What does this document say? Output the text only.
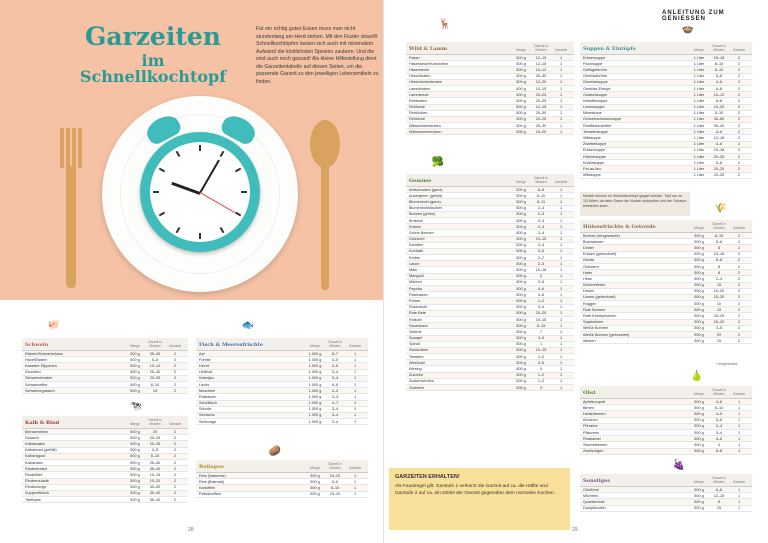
Garzeiten
im Schnellkochtopf
Für ein richtig gutes Essen muss man nicht stundenlang am Herd stehen. Mit den Fissler vitavit® Schnellkochtöpfen lassen sich auch mit minimalem Aufwand die köstlichsten Speisen zaubern. Und die sind auch noch gesund! Als kleine Hilfestellung dient die Garzeitentabelle auf diesen Seiten, um die passende Garzeit zu den jeweiligen Lebensmitteln zu finden.
🐖
Schwein	Menge
Garzeit in Minuten	Garstufe
Eisbein/Schweinshaxe	500 g	35–40	2
Haxe/Eisbein	500 g	5–6	2
Kasseler Rippchen	500 g	10–12	2
Schinken	500 g	25–30	2
Schweinebraten	500 g	20–25	2
Schweinefilet	500 g	8–10	2
Schweinegulasch	500 g	15	2
🐄
Kalb & Rind	Menge
Garzeit in Minuten	Garstufe
Beinscheiben	500 g	20	2
Gulasch	500 g	20–25	2
Kalbsbraten	500 g	20–25	2
Kalbsbrust (gefüllt)	500 g	2–5	2
Kalbsragout	500 g	8–10	2
Kalbshaxe	500 g	25–30	2
Rinderbraten	500 g	35–40	2
Rinderfilet	500 g	10–15	2
Rinderroulade	500 g	15–20	2
Rinderzunge	500 g	40–50	2
Suppenfleisch	500 g	30–40	2
Tafelspitz	500 g	35–40	2
🐟
Fisch & Meeresfrüchte	Menge
Garzeit in Minuten	Garstufe
Aal	1.000 g	6–7	1
Forelle	1.000 g	3–5	1
Hecht	1.000 g	3–5	1
Heilbutt	1.000 g	3–4	1
Kabeljau	1.000 g	3–4	1
Lachs	1.000 g	6–8	1
Muscheln	1.000 g	2–3	1
Rotbarsch	1.000 g	3–4	1
Schellfisch	1.000 g	4–7	1
Scholle	1.000 g	3–4	1
Seelachs	1.000 g	3–4	1
Seezunge	1.000 g	3–4	1
🥔
Beilagen	Menge
Garzeit in Minuten	Garstufe
Reis (Naturreis)	500 g	15–20	1
Reis (Basmati)	500 g	5–6	1
Kartoffeln	500 g	8–10	1
Pellkartoffeln	500 g	15–20	1
28
🦌
Wild & Lamm	Menge
Garzeit in Minuten	Garstufe
Fasan	500 g	12–15	1
Hasenkeule/Kaninchen	500 g	12–15	1
Hasenkeule	500 g	10–12	1
Hirschbraten	500 g	25–30	1
Hirschrückenbraten	500 g	12–20	1
Lammbraten	500 g	10–15	1
Lammkeule	500 g	20–25	1
Rehbraten	500 g	20–25	1
Rehkeule	500 g	12–15	1
Rehrücken	500 g	20–30	1
Rehkeule	500 g	20–25	1
Wildschweinbraten	500 g	25–30	1
Wildschweinrücken	500 g	15–20	1
🥦
Gemüse	Menge
Garzeit in Minuten	Garstufe
Artischocken (ganz)	500 g	6–8	1
Auberginen (gefüllt)	500 g	8–10	1
Blumenkohl (ganz)	500 g	8–11	1
Blumenkohlröschen	500 g	2–4	1
Bohnen (grüne)	500 g	2–3	1
Brokkoli	500 g	3–4	1
Erbsen	500 g	2–3	1
Grüne Bohnen	500 g	3–4	1
Grünkohl	500 g	10–15	1
Karotten	500 g	3–4	1
Kohlrabi	500 g	3–5	1
Kürbis	500 g	2–7	1
Lauch	500 g	2–3	1
Mais	500 g	10–18	1
Mangold	500 g	2	1
Möhren	500 g	3–5	1
Paprika	500 g	4–6	1
Pastinaken	500 g	3–5	1
Porree	500 g	1–2	1
Rosenkohl	500 g	3–4	1
Rote Bete	500 g	20–25	1
Rotkohl	500 g	10–15	1
Sauerkraut	500 g	8–15	1
Sellerie	500 g	7	1
Spargel	500 g	3–5	1
Spinat	500 g	1	1
Steckrüben	500 g	10–15	1
Tomaten	500 g	1–2	1
Weißkohl	500 g	3–5	1
Wirsing	500 g	3	1
Zucchini	500 g	1–2	1
Zuckerschoten	500 g	1–2	1
Zwiebeln	500 g	3	1
🍲
Suppen & Eintöpfe	Menge
Garzeit in Minuten	Garstufe
Erbsensuppe	1 Liter	15–18	2
Fischsuppe	1 Liter	8–10	2
Geflügelbrühe	1 Liter	8–10	2
Gemüsebrühe	1 Liter	5–8	2
Gemüsesuppe	1 Liter	4–6	2
Gemüse-Eintopf	1 Liter	6–8	2
Gulaschsuppe	1 Liter	10–12	2
Kartoffelsuppe	1 Liter	6–8	2
Linsensuppe	1 Liter	10–20	2
Minestrone	1 Liter	5–10	2
Ochsenschwanzsuppe	1 Liter	40–60	2
Rindfleischbrühe	1 Liter	35–40	2
Tomatensuppe	1 Liter	4–6	2
Wildsuppe	1 Liter	12–18	2
Zwiebelsuppe	1 Liter	4–6	2
Erbsensuppe	1 Liter	15–18	2
Hühnersuppe	1 Liter	20–25	2
Kürbissuppe	1 Liter	5–8	2
Pot-au-feu	1 Liter	20–25	2
Wildsuppe	1 Liter	20–25	2
Nudeln können im Schnellkochtopf gegart werden. Topf nur zu 1/3 füllen, da beim Garen die Nudeln aufquellen und der Schaum entstehen kann.	🌾
Hülsenfrüchte & Getreide	Menge
Garzeit in Minuten	Garstufe
Bohnen (eingeweicht)	500 g	8–10	2
Buchweizen	500 g	5–8	2
Dinkel	500 g	8	2
Erbsen (getrocknet)	500 g	15–18	2
Gerste	500 g	6–8	2
Grünkern	500 g	8	2
Hafer	500 g	8	2
Hirse	500 g	2–3	2
Kichererbsen	500 g	15	2
Linsen	500 g	10–20	2
Linsen (getrocknet)	500 g	15–20	2
Roggen	500 g	10	2
Rote Bohnen	500 g	15	2
Rote Kidneybohnen	500 g	20–25	2
Sojabohnen	500 g	15–20	2
Weiße Bohnen	500 g	3–5	2
Weiße Bohnen (getrocknet)	500 g	20	2
Weizen	500 g	15	2
* eingeweicht
🍐
Obst	Menge
Garzeit in Minuten	Garstufe
Apfelkompott	500 g	4–8	1
Birnen	500 g	6–10	1
Heidelbeeren	500 g	4–5	1
Kirschen	500 g	5–6	1
Pfirsiche	500 g	2–4	1
Pflaumen	500 g	3–4	1
Rhabarber	500 g	4–6	1
Stachelbeeren	500 g	4	1
Zwetschgen	500 g	6–8	1
🍇
Sonstiges	Menge
Garzeit in Minuten	Garstufe
Grießbrei	500 g	6–8	1
Milchreis	500 g	12–15	1
Quarkknödel	500 g	5	1
Dampfnudeln	500 g	15	1
29
ANLEITUNG ZUM GENIESSEN
GARZEITEN ERHALTEN!
Als Faustregel gilt: Garstufe 1 verkürzt die Garzeit auf ca. die Hälfte und Garstufe 2 auf ca. ein Drittel der Garzeit gegenüber dem normalen Kochen.
